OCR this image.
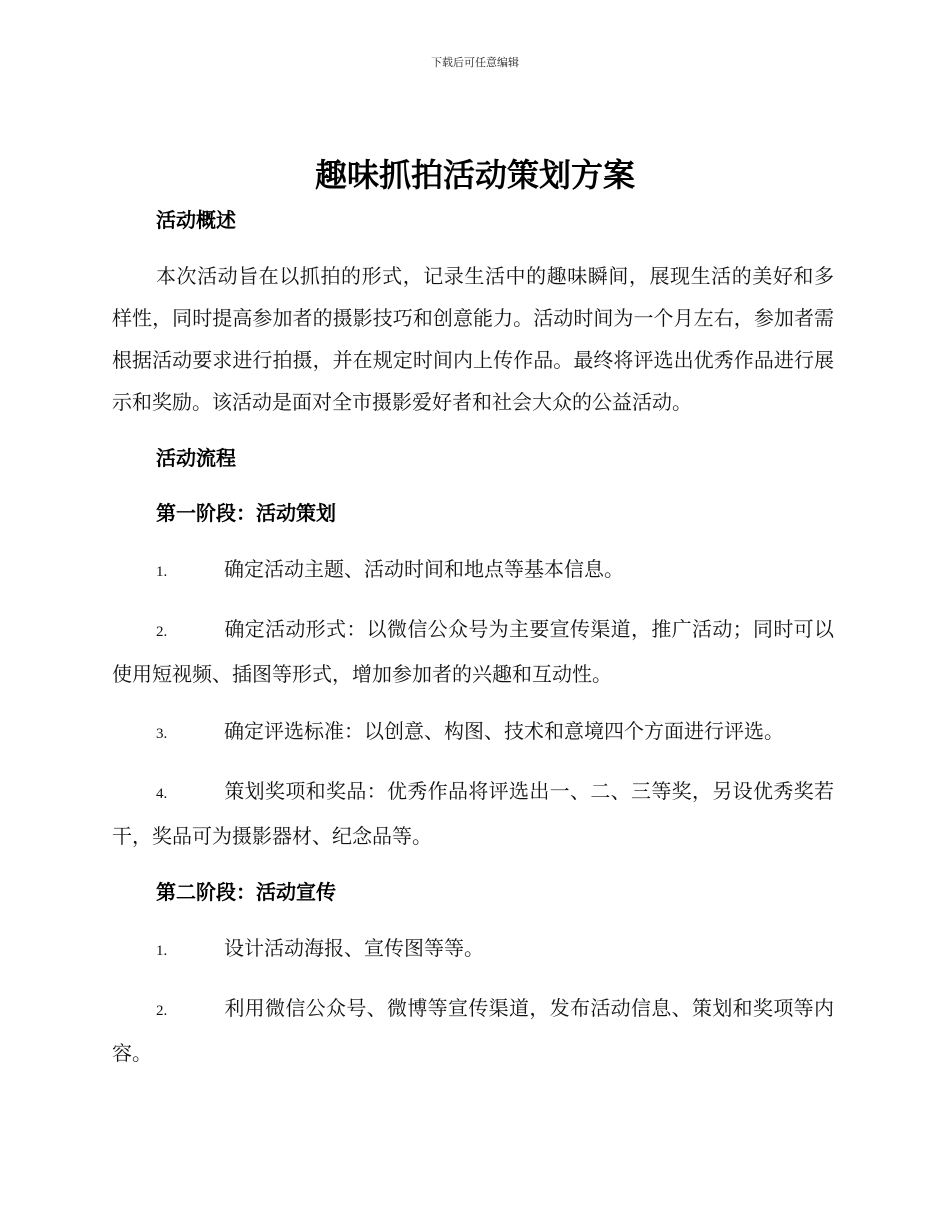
下载后可任意编辑
趣味抓拍活动策划方案
活动概述

本次活动旨在以抓拍的形式，记录生活中的趣味瞬间，展现生活的美好和多样性，同时提高参加者的摄影技巧和创意能力。活动时间为一个月左右，参加者需根据活动要求进行拍摄，并在规定时间内上传作品。最终将评选出优秀作品进行展示和奖励。该活动是面对全市摄影爱好者和社会大众的公益活动。

活动流程
第一阶段：活动策划

1.	确定活动主题、活动时间和地点等基本信息。

2.	确定活动形式：以微信公众号为主要宣传渠道，推广活动；同时可以使用短视频、插图等形式，增加参加者的兴趣和互动性。

3.	确定评选标准：以创意、构图、技术和意境四个方面进行评选。

4.	策划奖项和奖品：优秀作品将评选出一、二、三等奖，另设优秀奖若干，奖品可为摄影器材、纪念品等。

第二阶段：活动宣传

1.	设计活动海报、宣传图等等。

2.	利用微信公众号、微博等宣传渠道，发布活动信息、策划和奖项等内容。
